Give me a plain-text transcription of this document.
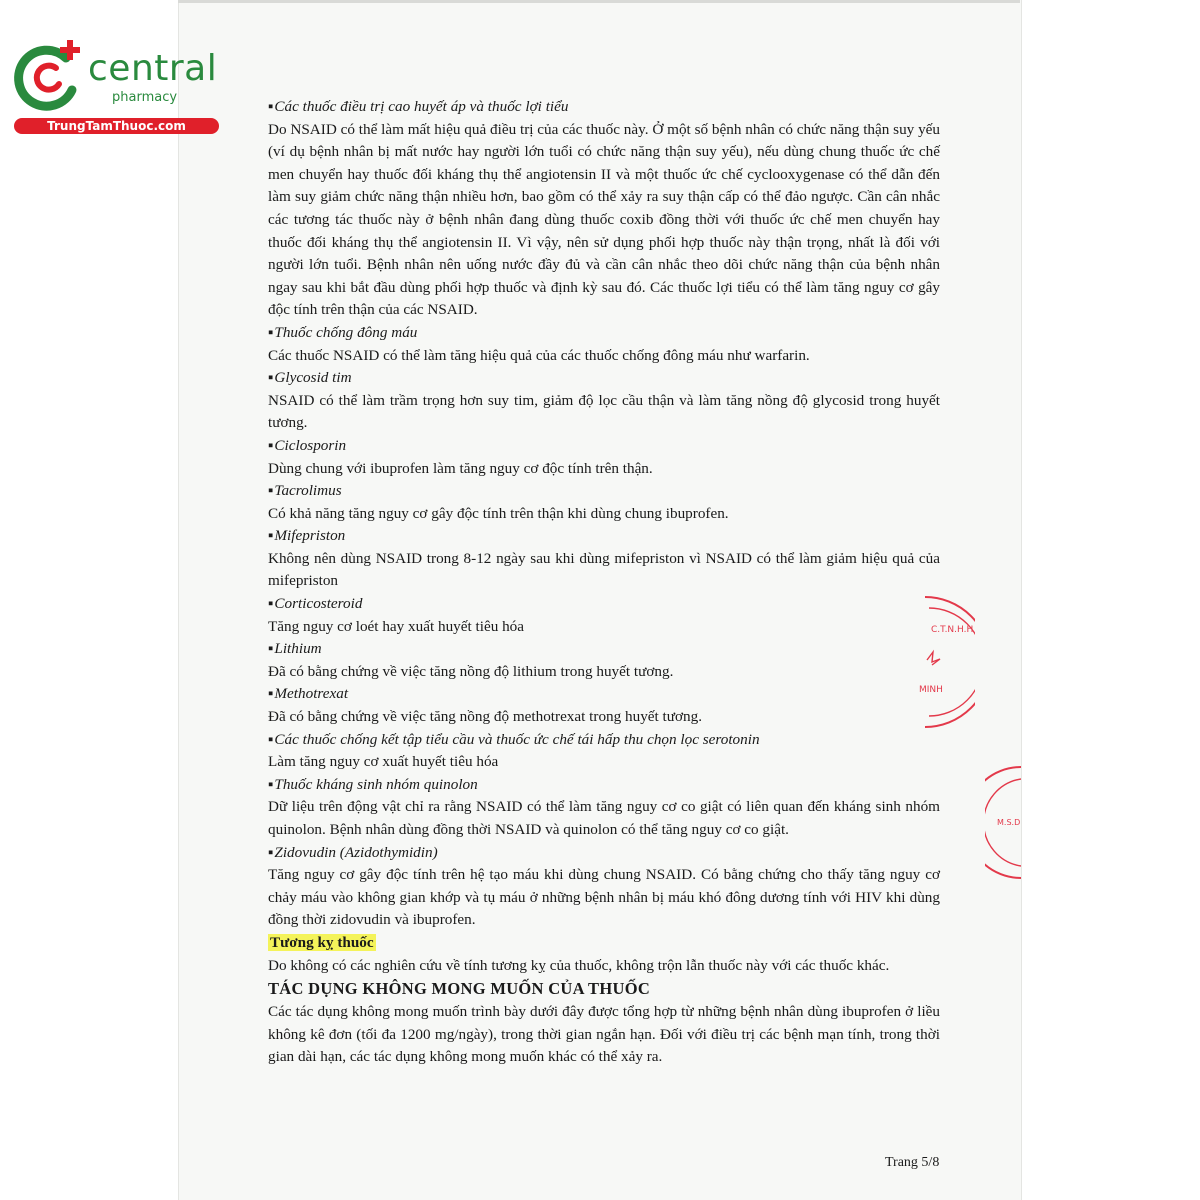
central
pharmacy
TrungTamThuoc.com
▪ Các thuốc điều trị cao huyết áp và thuốc lợi tiểu

Do NSAID có thể làm mất hiệu quả điều trị của các thuốc này. Ở một số bệnh nhân có chức năng thận suy yếu (ví dụ bệnh nhân bị mất nước hay người lớn tuổi có chức năng thận suy yếu), nếu dùng chung thuốc ức chế men chuyển hay thuốc đối kháng thụ thể angiotensin II và một thuốc ức chế cyclooxygenase có thể dẫn đến làm suy giảm chức năng thận nhiều hơn, bao gồm có thể xảy ra suy thận cấp có thể đảo ngược. Cần cân nhắc các tương tác thuốc này ở bệnh nhân đang dùng thuốc coxib đồng thời với thuốc ức chế men chuyển hay thuốc đối kháng thụ thể angiotensin II. Vì vậy, nên sử dụng phối hợp thuốc này thận trọng, nhất là đối với người lớn tuổi. Bệnh nhân nên uống nước đầy đủ và cần cân nhắc theo dõi chức năng thận của bệnh nhân ngay sau khi bắt đầu dùng phối hợp thuốc và định kỳ sau đó. Các thuốc lợi tiểu có thể làm tăng nguy cơ gây độc tính trên thận của các NSAID.

▪ Thuốc chống đông máu

Các thuốc NSAID có thể làm tăng hiệu quả của các thuốc chống đông máu như warfarin.

▪ Glycosid tim

NSAID có thể làm trầm trọng hơn suy tim, giảm độ lọc cầu thận và làm tăng nồng độ glycosid trong huyết tương.

▪ Ciclosporin

Dùng chung với ibuprofen làm tăng nguy cơ độc tính trên thận.

▪ Tacrolimus

Có khả năng tăng nguy cơ gây độc tính trên thận khi dùng chung ibuprofen.

▪ Mifepriston

Không nên dùng NSAID trong 8-12 ngày sau khi dùng mifepriston vì NSAID có thể làm giảm hiệu quả của mifepriston

▪ Corticosteroid

Tăng nguy cơ loét hay xuất huyết tiêu hóa

▪ Lithium

Đã có bằng chứng về việc tăng nồng độ lithium trong huyết tương.

▪ Methotrexat

Đã có bằng chứng về việc tăng nồng độ methotrexat trong huyết tương.

▪ Các thuốc chống kết tập tiểu cầu và thuốc ức chế tái hấp thu chọn lọc serotonin

Làm tăng nguy cơ xuất huyết tiêu hóa

▪ Thuốc kháng sinh nhóm quinolon

Dữ liệu trên động vật chỉ ra rằng NSAID có thể làm tăng nguy cơ co giật có liên quan đến kháng sinh nhóm quinolon. Bệnh nhân dùng đồng thời NSAID và quinolon có thể tăng nguy cơ co giật.

▪ Zidovudin (Azidothymidin)

Tăng nguy cơ gây độc tính trên hệ tạo máu khi dùng chung NSAID. Có bằng chứng cho thấy tăng nguy cơ chảy máu vào không gian khớp và tụ máu ở những bệnh nhân bị máu khó đông dương tính với HIV khi dùng đồng thời zidovudin và ibuprofen.

Tương kỵ thuốc

Do không có các nghiên cứu về tính tương kỵ của thuốc, không trộn lẫn thuốc này với các thuốc khác.

TÁC DỤNG KHÔNG MONG MUỐN CỦA THUỐC

Các tác dụng không mong muốn trình bày dưới đây được tổng hợp từ những bệnh nhân dùng ibuprofen ở liều không kê đơn (tối đa 1200 mg/ngày), trong thời gian ngắn hạn. Đối với điều trị các bệnh mạn tính, trong thời gian dài hạn, các tác dụng không mong muốn khác có thể xảy ra.

C.T.N.H.H
MINH
M.S.D
Trang 5/8
